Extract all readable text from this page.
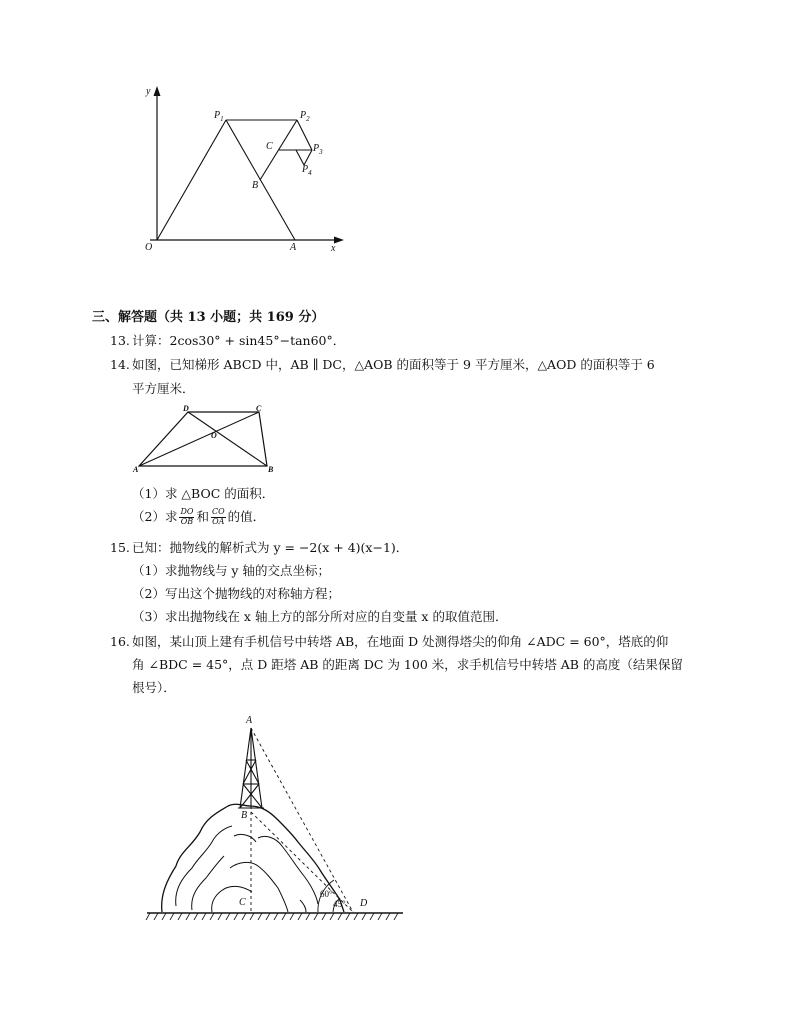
y
x
O
$P_1$	$P_2$
$P_3$
$P_4$
C
B
A
三、解答题（共 13 小题；共 169 分）
13. 计算：2cos30° + sin45°−tan60°．
14. 如图，已知梯形 ABCD 中，AB ∥ DC，△AOB 的面积等于 9 平方厘米，△AOD 的面积等于 6
平方厘米．
D	C
O
A	B
（1）求 △BOC 的面积．
（2）求 DO
OB 和 CO
OA 的值．
15. 已知：抛物线的解析式为 y = −2(x + 4)(x−1)．
（1）求抛物线与 y 轴的交点坐标；
（2）写出这个抛物线的对称轴方程；
（3）求出抛物线在 x 轴上方的部分所对应的自变量 x 的取值范围．
16. 如图，某山顶上建有手机信号中转塔 AB，在地面 D 处测得塔尖的仰角 ∠ADC = 60°，塔底的仰
角 ∠BDC = 45°，点 D 距塔 AB 的距离 DC 为 100 米，求手机信号中转塔 AB 的高度（结果保留
根号）．
A
B
C	D
60°
45°
